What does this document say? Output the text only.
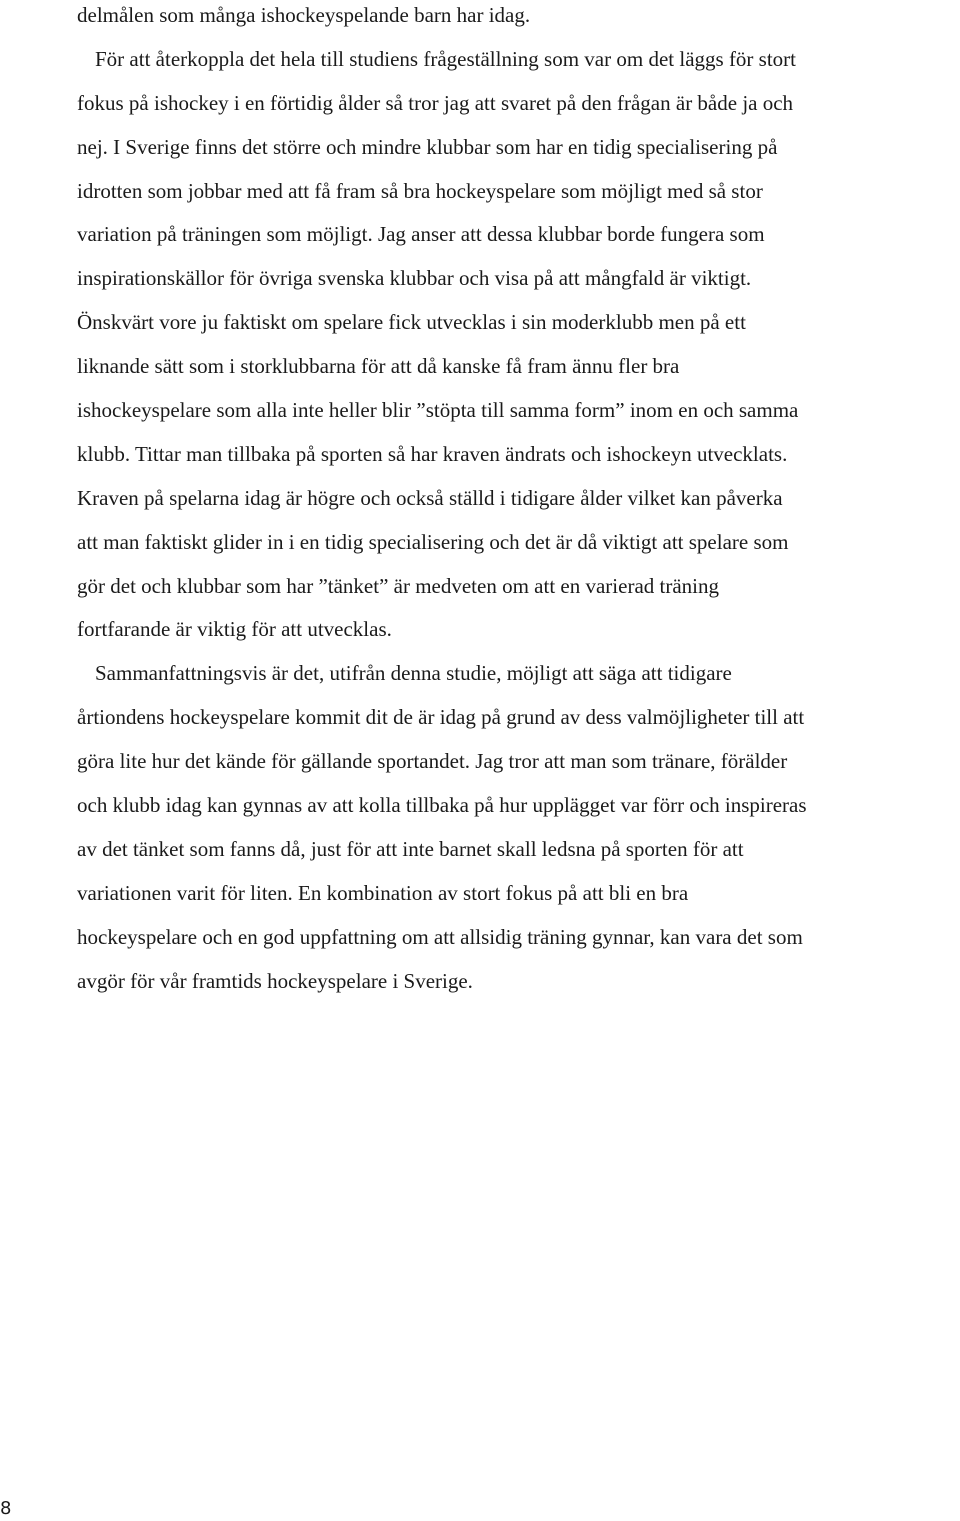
delmålen som många ishockeyspelande barn har idag.
För att återkoppla det hela till studiens frågeställning som var om det läggs för stort
fokus på ishockey i en förtidig ålder så tror jag att svaret på den frågan är både ja och
nej. I Sverige finns det större och mindre klubbar som har en tidig specialisering på
idrotten som jobbar med att få fram så bra hockeyspelare som möjligt med så stor
variation på träningen som möjligt. Jag anser att dessa klubbar borde fungera som
inspirationskällor för övriga svenska klubbar och visa på att mångfald är viktigt.
Önskvärt vore ju faktiskt om spelare fick utvecklas i sin moderklubb men på ett
liknande sätt som i storklubbarna för att då kanske få fram ännu fler bra
ishockeyspelare som alla inte heller blir ”stöpta till samma form” inom en och samma
klubb. Tittar man tillbaka på sporten så har kraven ändrats och ishockeyn utvecklats.
Kraven på spelarna idag är högre och också ställd i tidigare ålder vilket kan påverka
att man faktiskt glider in i en tidig specialisering och det är då viktigt att spelare som
gör det och klubbar som har ”tänket” är medveten om att en varierad träning
fortfarande är viktig för att utvecklas.
Sammanfattningsvis är det, utifrån denna studie, möjligt att säga att tidigare
årtiondens hockeyspelare kommit dit de är idag på grund av dess valmöjligheter till att
göra lite hur det kände för gällande sportandet. Jag tror att man som tränare, förälder
och klubb idag kan gynnas av att kolla tillbaka på hur upplägget var förr och inspireras
av det tänket som fanns då, just för att inte barnet skall ledsna på sporten för att
variationen varit för liten. En kombination av stort fokus på att bli en bra
hockeyspelare och en god uppfattning om att allsidig träning gynnar, kan vara det som
avgör för vår framtids hockeyspelare i Sverige.
8
